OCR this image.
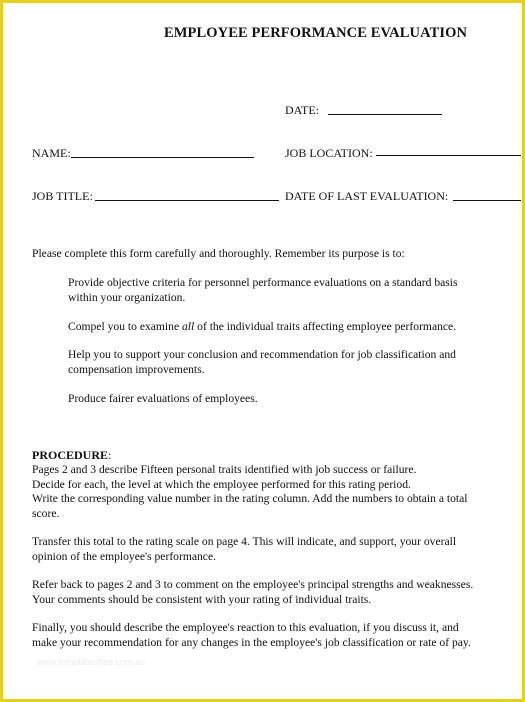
EMPLOYEE PERFORMANCE EVALUATION
DATE:
NAME:	JOB LOCATION:
JOB TITLE:	DATE OF LAST EVALUATION:
Please complete this form carefully and thoroughly. Remember its purpose is to:
Provide objective criteria for personnel performance evaluations on a standard basis
within your organization.
Compel you to examine all of the individual traits affecting employee performance.
Help you to support your conclusion and recommendation for job classification and
compensation improvements.
Produce fairer evaluations of employees.
PROCEDURE:
Pages 2 and 3 describe Fifteen personal traits identified with job success or failure.
Decide for each, the level at which the employee performed for this rating period.
Write the corresponding value number in the rating column. Add the numbers to obtain a total
score.
Transfer this total to the rating scale on page 4. This will indicate, and support, your overall
opinion of the employee's performance.
Refer back to pages 2 and 3 to comment on the employee's principal strengths and weaknesses.
Your comments should be consistent with your rating of individual traits.
Finally, you should describe the employee's reaction to this evaluation, if you discuss it, and
make your recommendation for any changes in the employee's job classification or rate of pay.
www.templatesfree.com.au
